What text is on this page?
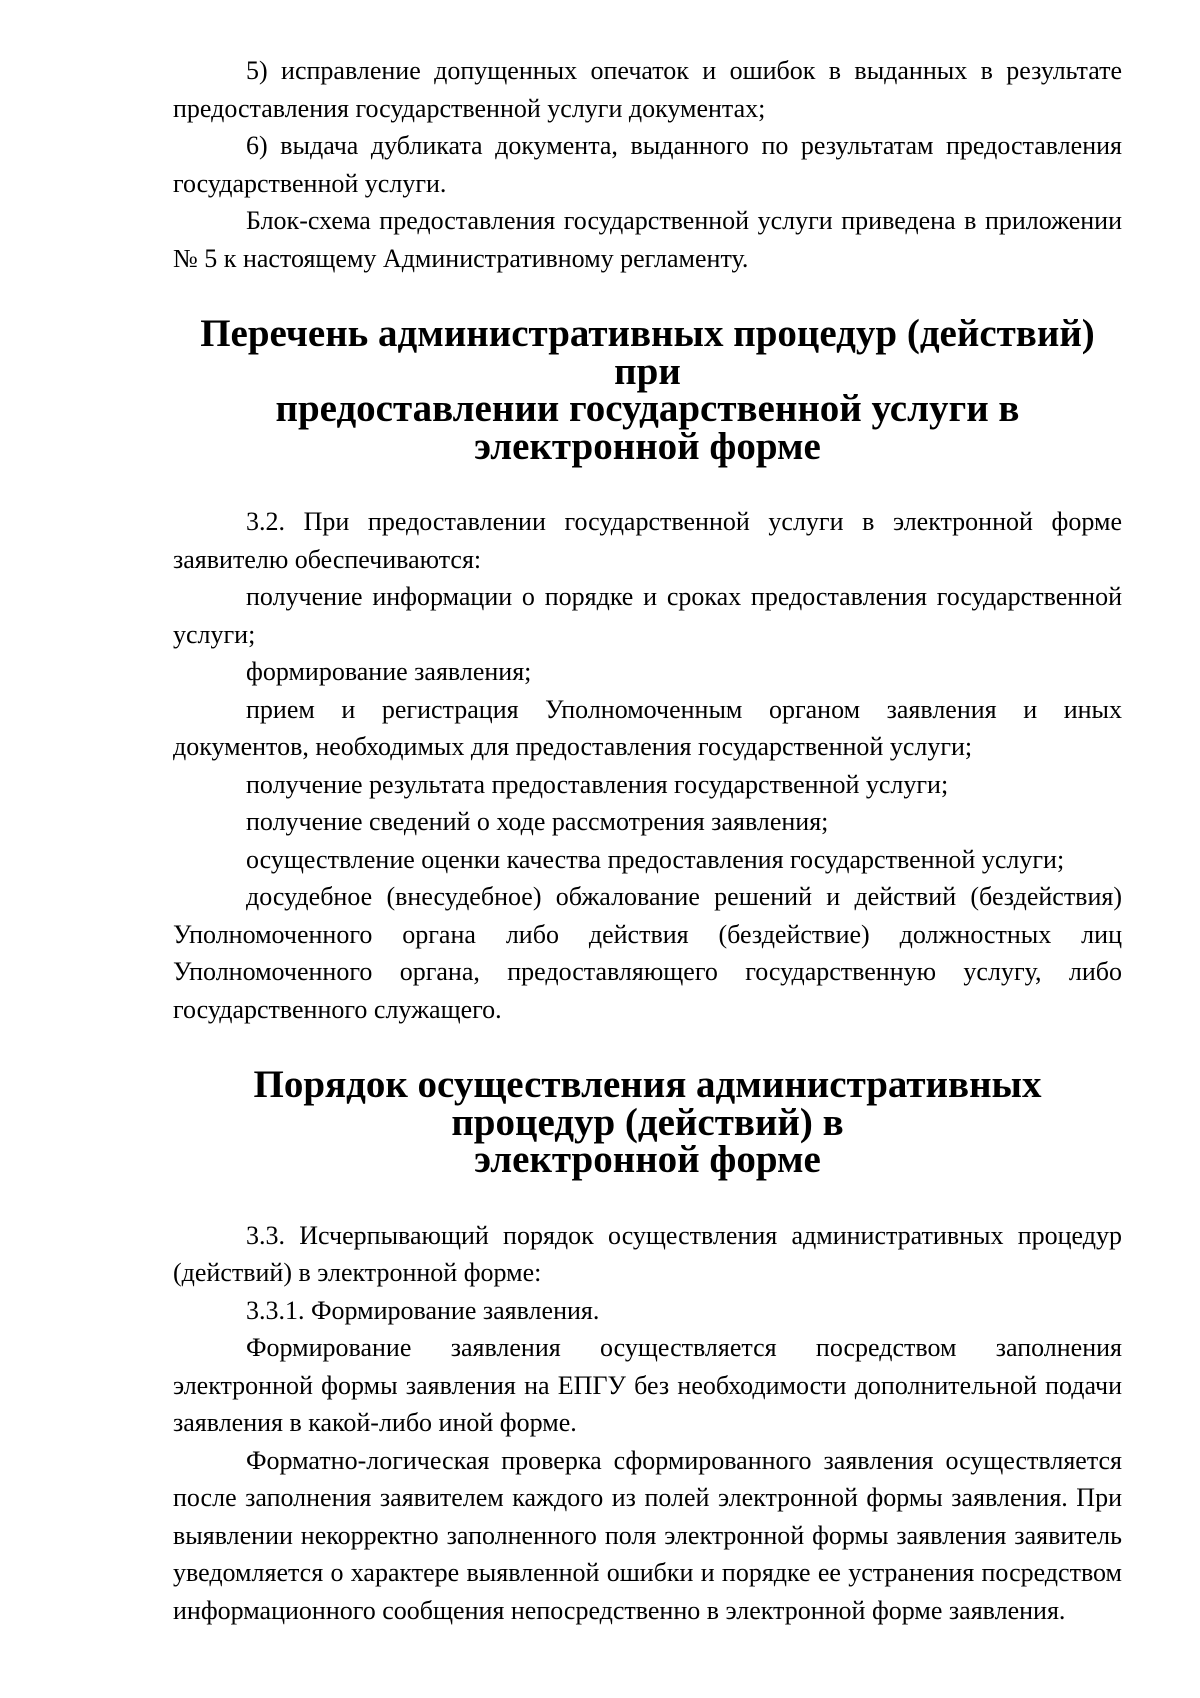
5) исправление допущенных опечаток и ошибок в выданных в результате предоставления государственной услуги документах;

6) выдача дубликата документа, выданного по результатам предоставления государственной услуги.

Блок-схема предоставления государственной услуги приведена в приложении № 5 к настоящему Административному регламенту.

Перечень административных процедур (действий) при
предоставлении государственной услуги в электронной форме

3.2. При предоставлении государственной услуги в электронной форме заявителю обеспечиваются:

получение информации о порядке и сроках предоставления государственной услуги;

формирование заявления;

прием и регистрация Уполномоченным органом заявления и иных документов, необходимых для предоставления государственной услуги;

получение результата предоставления государственной услуги;

получение сведений о ходе рассмотрения заявления;

осуществление оценки качества предоставления государственной услуги;

досудебное (внесудебное) обжалование решений и действий (бездействия) Уполномоченного органа либо действия (бездействие) должностных лиц Уполномоченного органа, предоставляющего государственную услугу, либо государственного служащего.

Порядок осуществления административных процедур (действий) в
электронной форме

3.3. Исчерпывающий порядок осуществления административных процедур (действий) в электронной форме:

3.3.1. Формирование заявления.

Формирование заявления осуществляется посредством заполнения электронной формы заявления на ЕПГУ без необходимости дополнительной подачи заявления в какой-либо иной форме.

Форматно-логическая проверка сформированного заявления осуществляется после заполнения заявителем каждого из полей электронной формы заявления. При выявлении некорректно заполненного поля электронной формы заявления заявитель уведомляется о характере выявленной ошибки и порядке ее устранения посредством информационного сообщения непосредственно в электронной форме заявления.
